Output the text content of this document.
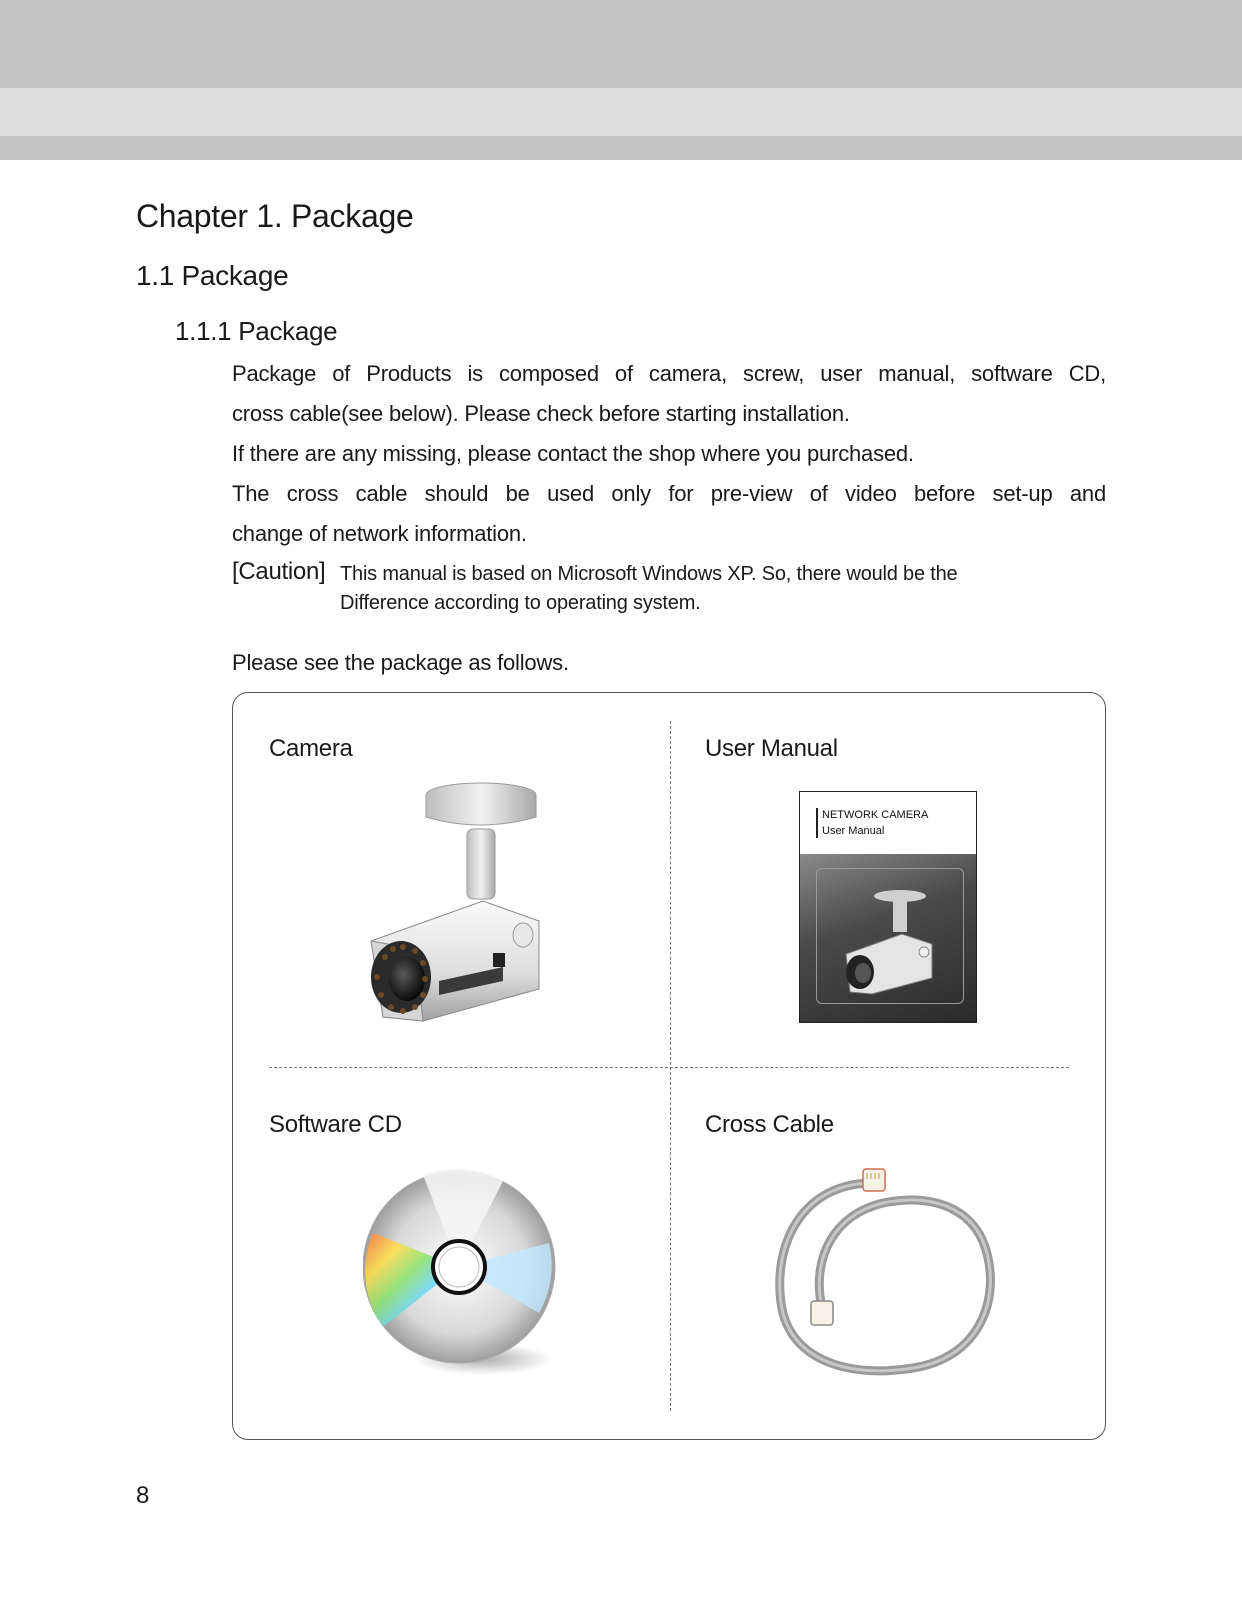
Chapter 1. Package
1.1 Package
1.1.1 Package
Package of Products is composed of camera, screw, user manual, software CD,
cross cable(see below). Please check before starting installation.
If there are any missing, please contact the shop where you purchased.
The cross cable should be used only for pre-view of video before set-up and
change of network information.
[Caution] This manual is based on Microsoft Windows XP. So, there would be the
Difference according to operating system.
Please see the package as follows.
Camera	User Manual
Software CD	Cross Cable
NETWORK CAMERA
User Manual
8
